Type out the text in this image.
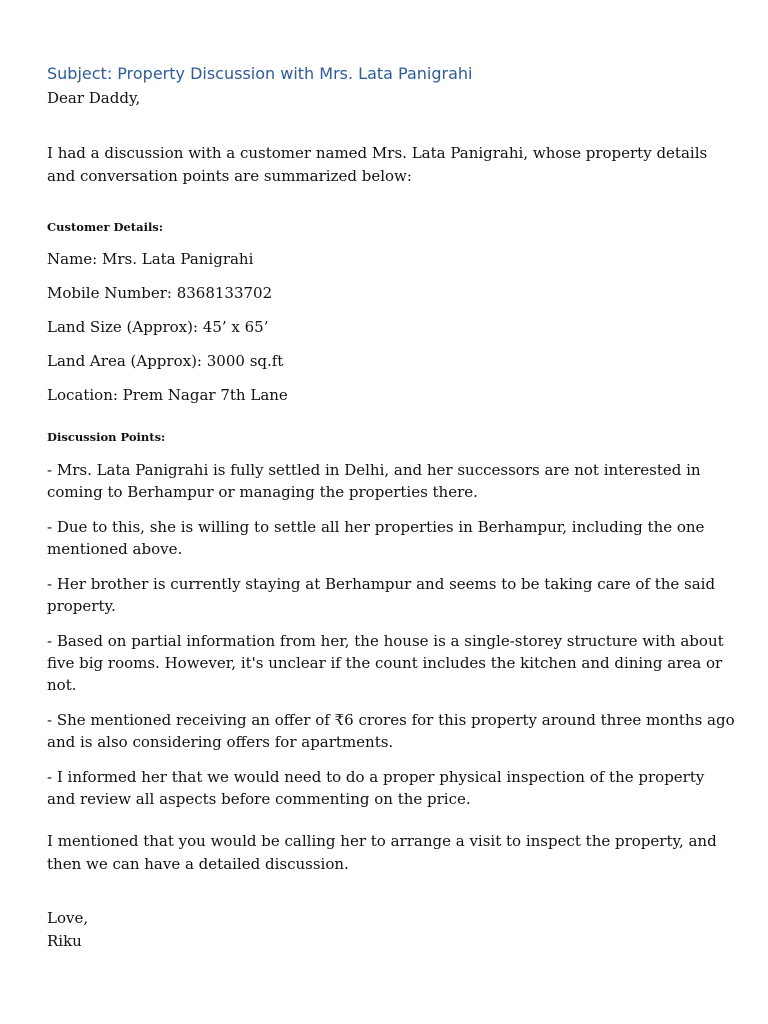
Subject: Property Discussion with Mrs. Lata Panigrahi

Dear Daddy,

I had a discussion with a customer named Mrs. Lata Panigrahi, whose property details and conversation points are summarized below:

Customer Details:

Name: Mrs. Lata Panigrahi
Mobile Number: 8368133702
Land Size (Approx): 45’ x 65’
Land Area (Approx): 3000 sq.ft
Location: Prem Nagar 7th Lane

Discussion Points:

- Mrs. Lata Panigrahi is fully settled in Delhi, and her successors are not interested in coming to Berhampur or managing the properties there.
- Due to this, she is willing to settle all her properties in Berhampur, including the one mentioned above.
- Her brother is currently staying at Berhampur and seems to be taking care of the said property.
- Based on partial information from her, the house is a single-storey structure with about five big rooms. However, it's unclear if the count includes the kitchen and dining area or not.
- She mentioned receiving an offer of ₹6 crores for this property around three months ago and is also considering offers for apartments.
- I informed her that we would need to do a proper physical inspection of the property and review all aspects before commenting on the price.

I mentioned that you would be calling her to arrange a visit to inspect the property, and then we can have a detailed discussion.

Love,

Riku
